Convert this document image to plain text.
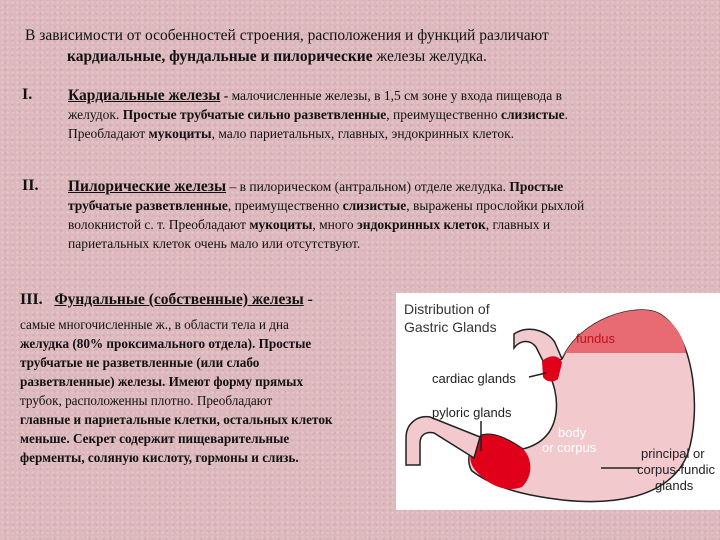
В зависимости от особенностей строения, расположения и функций различают
кардиальные, фундальные и пилорические железы желудка.
I. Кардиальные железы - малочисленные железы, в 1,5 см зоне у входа пищевода в
желудок. Простые трубчатые сильно разветвленные, преимущественно слизистые.
Преобладают мукоциты, мало париетальных, главных, эндокринных клеток.
II. Пилорические железы – в пилорическом (антральном) отделе желудка. Простые
трубчатые разветвленные, преимущественно слизистые, выражены прослойки рыхлой
волокнистой с. т. Преобладают мукоциты, много эндокринных клеток, главных и
париетальных клеток очень мало или отсутствуют.
III. Фундальные (собственные) железы -
самые многочисленные ж., в области тела и дна
желудка (80% проксимального отдела). Простые
трубчатые не разветвленные (или слабо
разветвленные) железы. Имеют форму прямых
трубок, расположенны плотно. Преобладают
главные и париетальные клетки, остальных клеток
меньше. Секрет содержит пищеварительные
ферменты, соляную кислоту, гормоны и слизь.
Distribution of
Gastric Glands
fundus
cardiac glands
pyloric glands
body
or corpus	principal or
corpus-fundic
glands
